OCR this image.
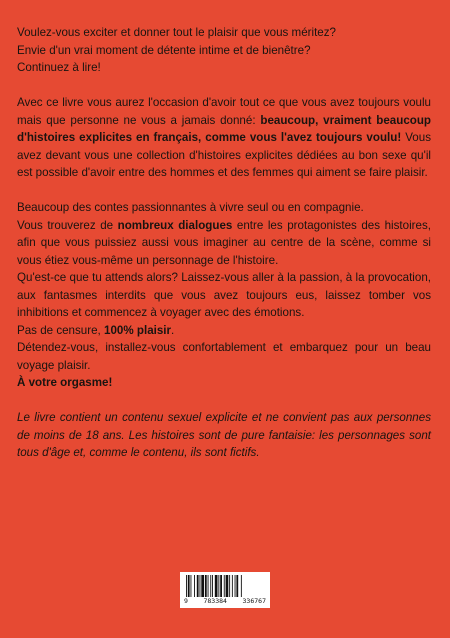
Voulez-vous exciter et donner tout le plaisir que vous méritez?

Envie d'un vrai moment de détente intime et de bienêtre?

Continuez à lire!

Avec ce livre vous aurez l'occasion d'avoir tout ce que vous avez toujours voulu mais que personne ne vous a jamais donné: beaucoup, vraiment beaucoup d'histoires explicites en français, comme vous l'avez toujours voulu! Vous avez devant vous une collection d'histoires explicites dédiées au bon sexe qu'il est possible d'avoir entre des hommes et des femmes qui aiment se faire plaisir.

Beaucoup des contes passionnantes à vivre seul ou en compagnie.

Vous trouverez de nombreux dialogues entre les protagonistes des histoires, afin que vous puissiez aussi vous imaginer au centre de la scène, comme si vous étiez vous-même un personnage de l'histoire.

Qu'est-ce que tu attends alors? Laissez-vous aller à la passion, à la provocation, aux fantasmes interdits que vous avez toujours eus, laissez tomber vos inhibitions et commencez à voyager avec des émotions.

Pas de censure, 100% plaisir.

Détendez-vous, installez-vous confortablement et embarquez pour un beau voyage plaisir.

À votre orgasme!

Le livre contient un contenu sexuel explicite et ne convient pas aux personnes de moins de 18 ans. Les histoires sont de pure fantaisie: les personnages sont tous d'âge et, comme le contenu, ils sont fictifs.

9 783384 336767
